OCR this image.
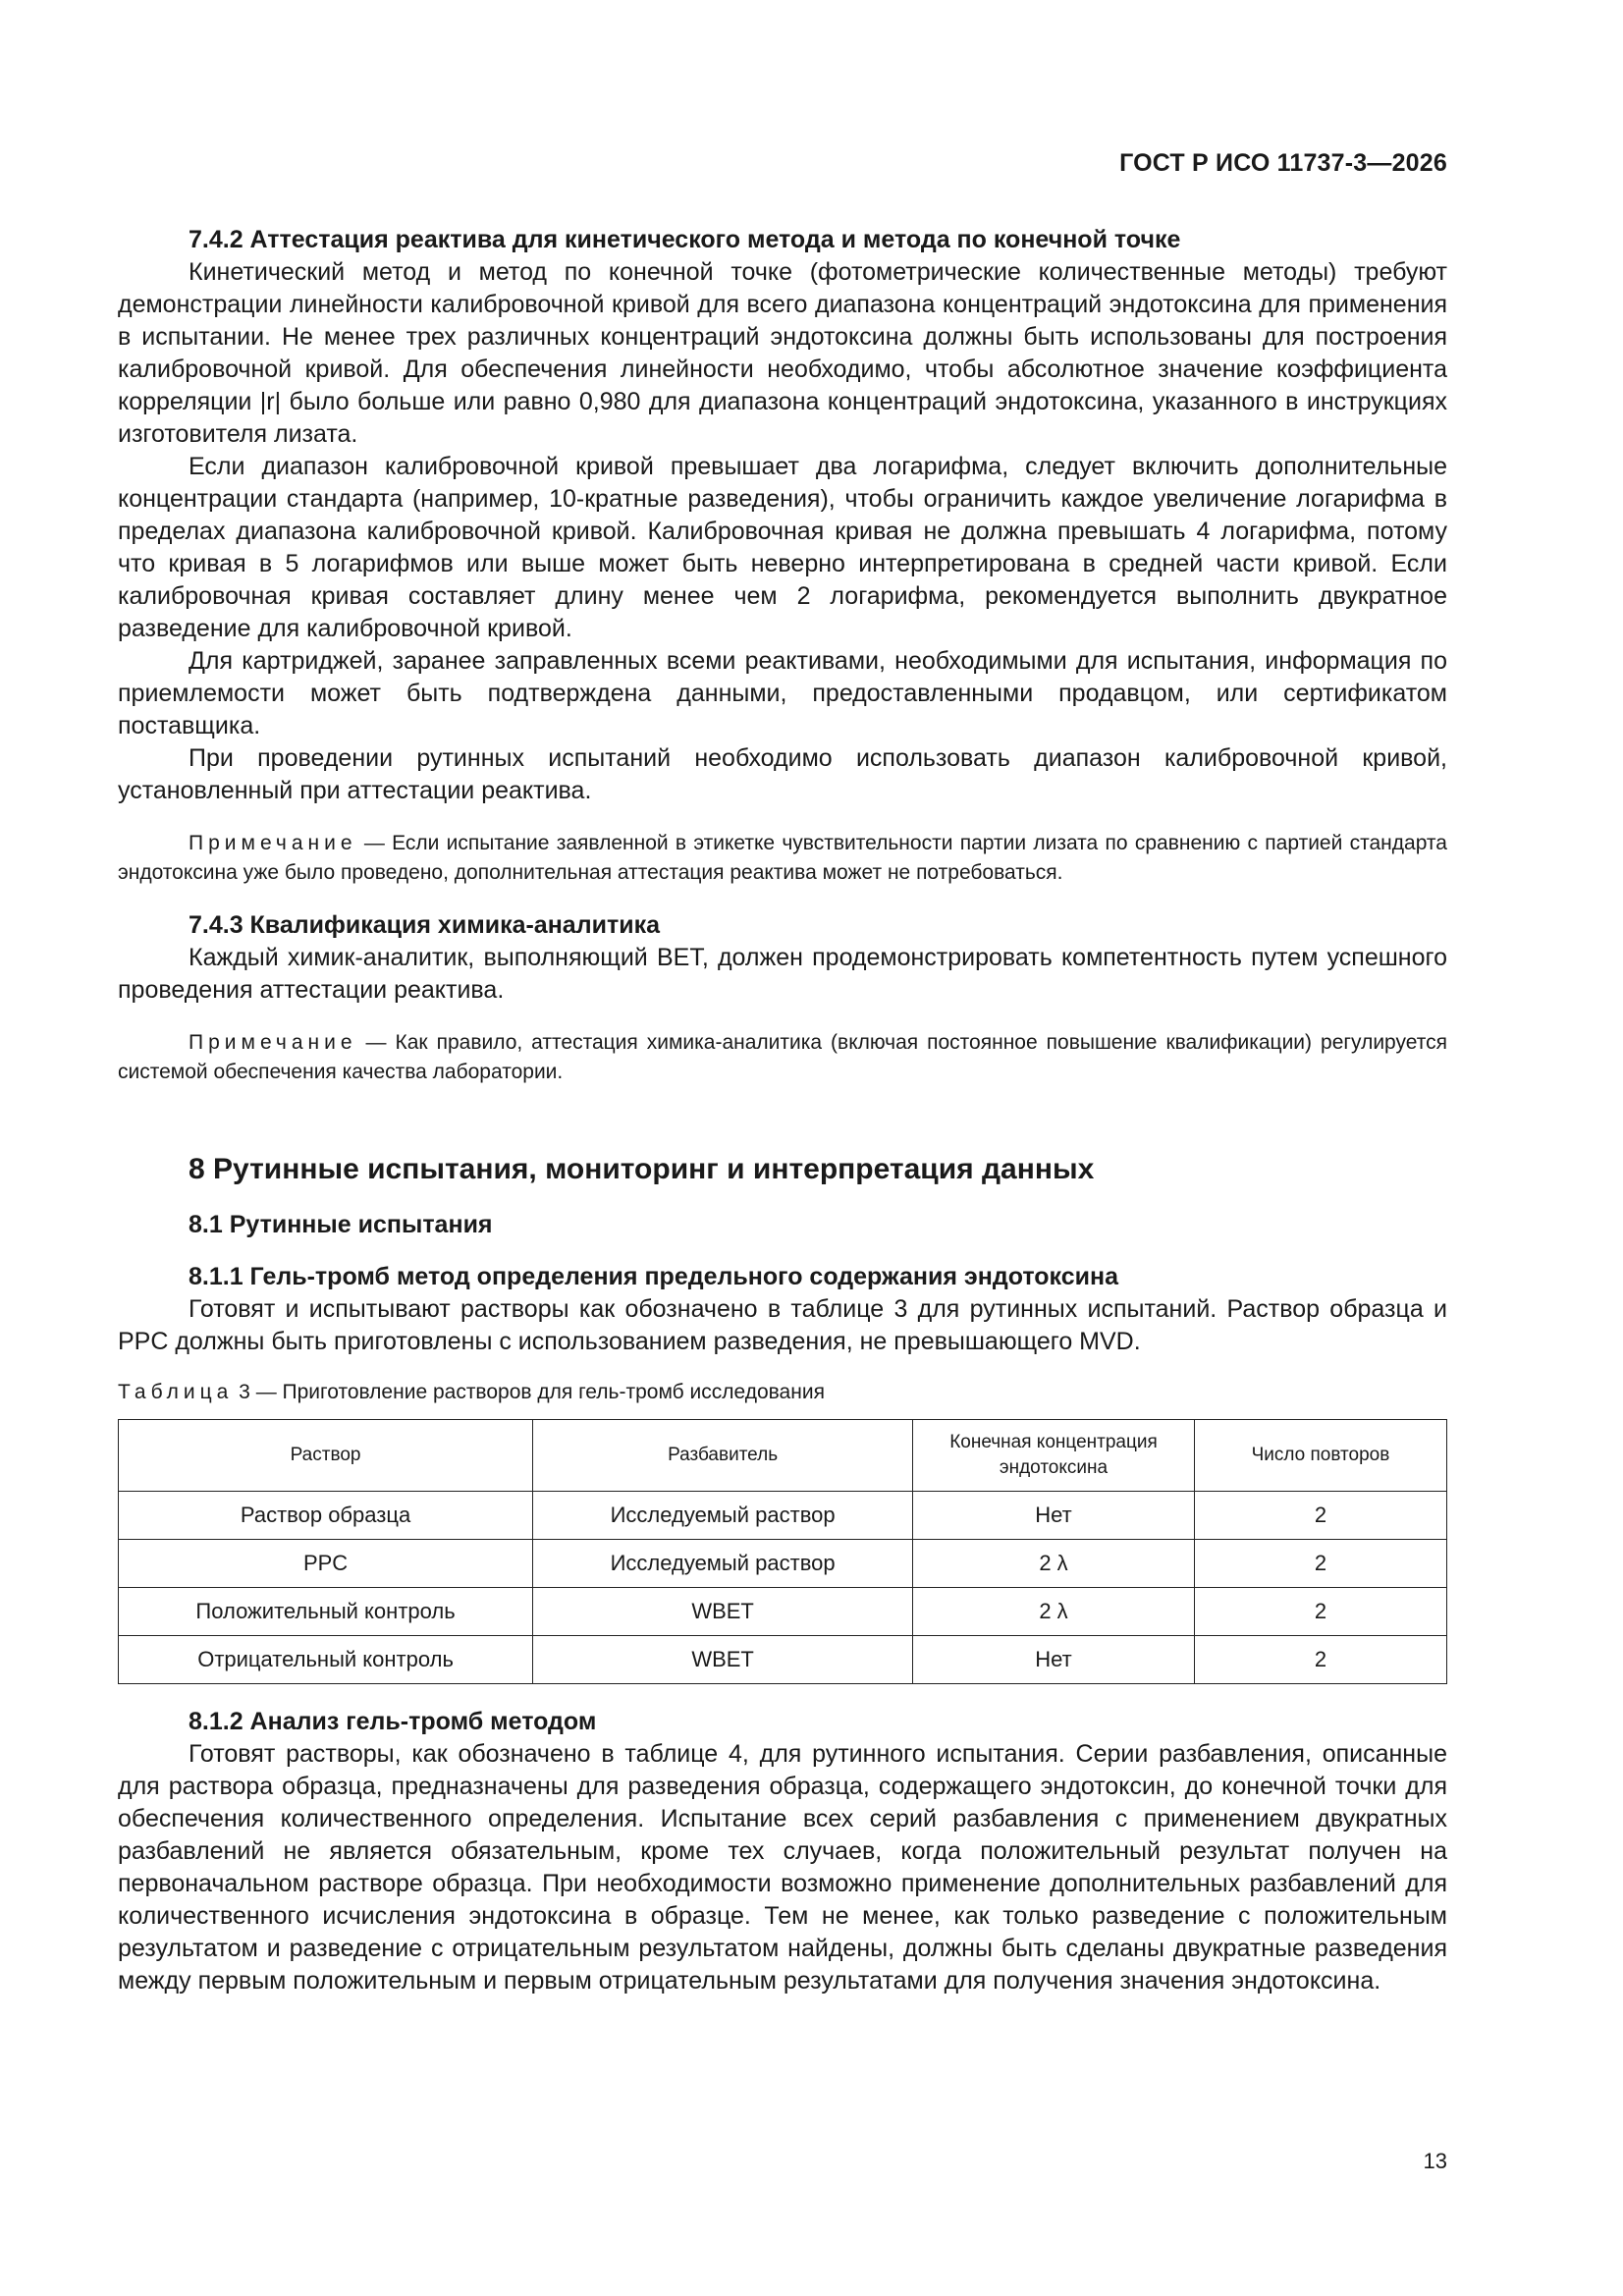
ГОСТ Р ИСО 11737-3—2026

7.4.2 Аттестация реактива для кинетического метода и метода по конечной точке

Кинетический метод и метод по конечной точке (фотометрические количественные методы) требуют демонстрации линейности калибровочной кривой для всего диапазона концентраций эндотоксина для применения в испытании. Не менее трех различных концентраций эндотоксина должны быть использованы для построения калибровочной кривой. Для обеспечения линейности необходимо, чтобы абсолютное значение коэффициента корреляции |r| было больше или равно 0,980 для диапазона концентраций эндотоксина, указанного в инструкциях изготовителя лизата.

Если диапазон калибровочной кривой превышает два логарифма, следует включить дополнительные концентрации стандарта (например, 10-кратные разведения), чтобы ограничить каждое увеличение логарифма в пределах диапазона калибровочной кривой. Калибровочная кривая не должна превышать 4 логарифма, потому что кривая в 5 логарифмов или выше может быть неверно интерпретирована в средней части кривой. Если калибровочная кривая составляет длину менее чем 2 логарифма, рекомендуется выполнить двукратное разведение для калибровочной кривой.

Для картриджей, заранее заправленных всеми реактивами, необходимыми для испытания, информация по приемлемости может быть подтверждена данными, предоставленными продавцом, или сертификатом поставщика.

При проведении рутинных испытаний необходимо использовать диапазон калибровочной кривой, установленный при аттестации реактива.

Примечание — Если испытание заявленной в этикетке чувствительности партии лизата по сравнению с партией стандарта эндотоксина уже было проведено, дополнительная аттестация реактива может не потребоваться.

7.4.3 Квалификация химика-аналитика

Каждый химик-аналитик, выполняющий BET, должен продемонстрировать компетентность путем успешного проведения аттестации реактива.

Примечание — Как правило, аттестация химика-аналитика (включая постоянное повышение квалификации) регулируется системой обеспечения качества лаборатории.

8 Рутинные испытания, мониторинг и интерпретация данных

8.1 Рутинные испытания

8.1.1 Гель-тромб метод определения предельного содержания эндотоксина

Готовят и испытывают растворы как обозначено в таблице 3 для рутинных испытаний. Раствор образца и PPC должны быть приготовлены с использованием разведения, не превышающего MVD.

Таблица 3 — Приготовление растворов для гель-тромб исследования

Раствор	Разбавитель	Конечная концентрация эндотоксина	Число повторов
Раствор образца	Исследуемый раствор	Нет	2
PPC	Исследуемый раствор	2 λ	2
Положительный контроль	WBET	2 λ	2
Отрицательный контроль	WBET	Нет	2

8.1.2 Анализ гель-тромб методом

Готовят растворы, как обозначено в таблице 4, для рутинного испытания. Серии разбавления, описанные для раствора образца, предназначены для разведения образца, содержащего эндотоксин, до конечной точки для обеспечения количественного определения. Испытание всех серий разбавления с применением двукратных разбавлений не является обязательным, кроме тех случаев, когда положительный результат получен на первоначальном растворе образца. При необходимости возможно применение дополнительных разбавлений для количественного исчисления эндотоксина в образце. Тем не менее, как только разведение с положительным результатом и разведение с отрицательным результатом найдены, должны быть сделаны двукратные разведения между первым положительным и первым отрицательным результатами для получения значения эндотоксина.

13
